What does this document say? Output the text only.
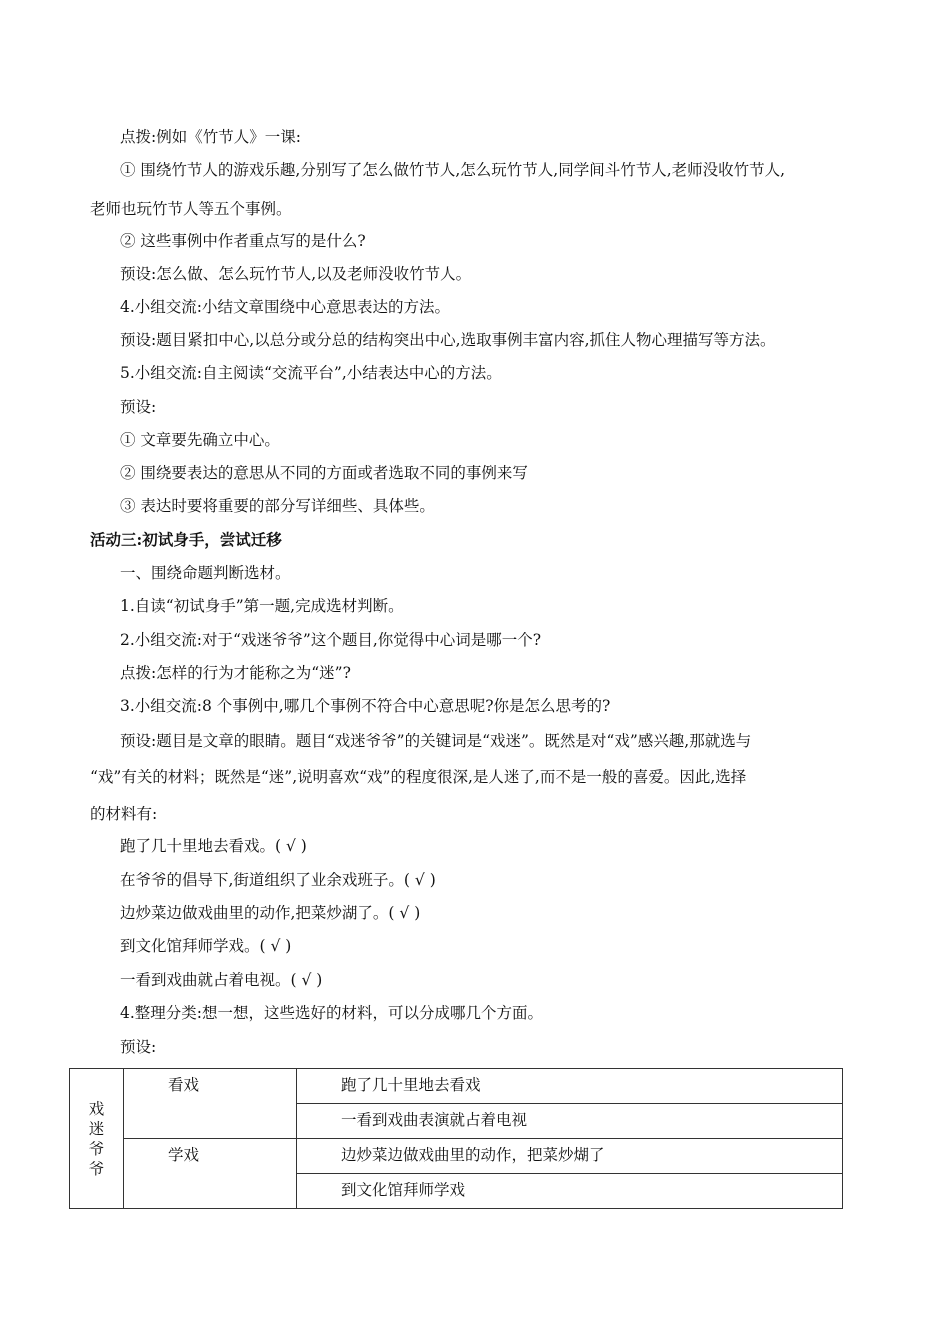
点拨:例如《竹节人》一课:

① 围绕竹节人的游戏乐趣,分别写了怎么做竹节人,怎么玩竹节人,同学间斗竹节人,老师没收竹节人,

老师也玩竹节人等五个事例。

② 这些事例中作者重点写的是什么?

预设:怎么做、怎么玩竹节人,以及老师没收竹节人。

4.小组交流:小结文章围绕中心意思表达的方法。

预设:题目紧扣中心,以总分或分总的结构突出中心,选取事例丰富内容,抓住人物心理描写等方法。

5.小组交流:自主阅读“交流平台”,小结表达中心的方法。

预设:

① 文章要先确立中心。

② 围绕要表达的意思从不同的方面或者选取不同的事例来写

③ 表达时要将重要的部分写详细些、具体些。

活动三:初试身手，尝试迁移

一、围绕命题判断选材。

1.自读“初试身手”第一题,完成选材判断。

2.小组交流:对于“戏迷爷爷”这个题目,你觉得中心词是哪一个?

点拨:怎样的行为才能称之为“迷”?

3.小组交流:8 个事例中,哪几个事例不符合中心意思呢?你是怎么思考的?

预设:题目是文章的眼睛。题目“戏迷爷爷”的关键词是“戏迷”。既然是对“戏”感兴趣,那就选与

“戏”有关的材料；既然是“迷”,说明喜欢“戏”的程度很深,是人迷了,而不是一般的喜爱。因此,选择

的材料有:

跑了几十里地去看戏。( √ )

在爷爷的倡导下,街道组织了业余戏班子。( √ )

边炒菜边做戏曲里的动作,把菜炒湖了。( √ )

到文化馆拜师学戏。( √ )

一看到戏曲就占着电视。( √ )

4.整理分类:想一想，这些选好的材料，可以分成哪几个方面。

预设:

戏迷爷爷	看戏	跑了几十里地去看戏

		一看到戏曲表演就占着电视

	学戏	边炒菜边做戏曲里的动作，把菜炒煳了

		到文化馆拜师学戏
